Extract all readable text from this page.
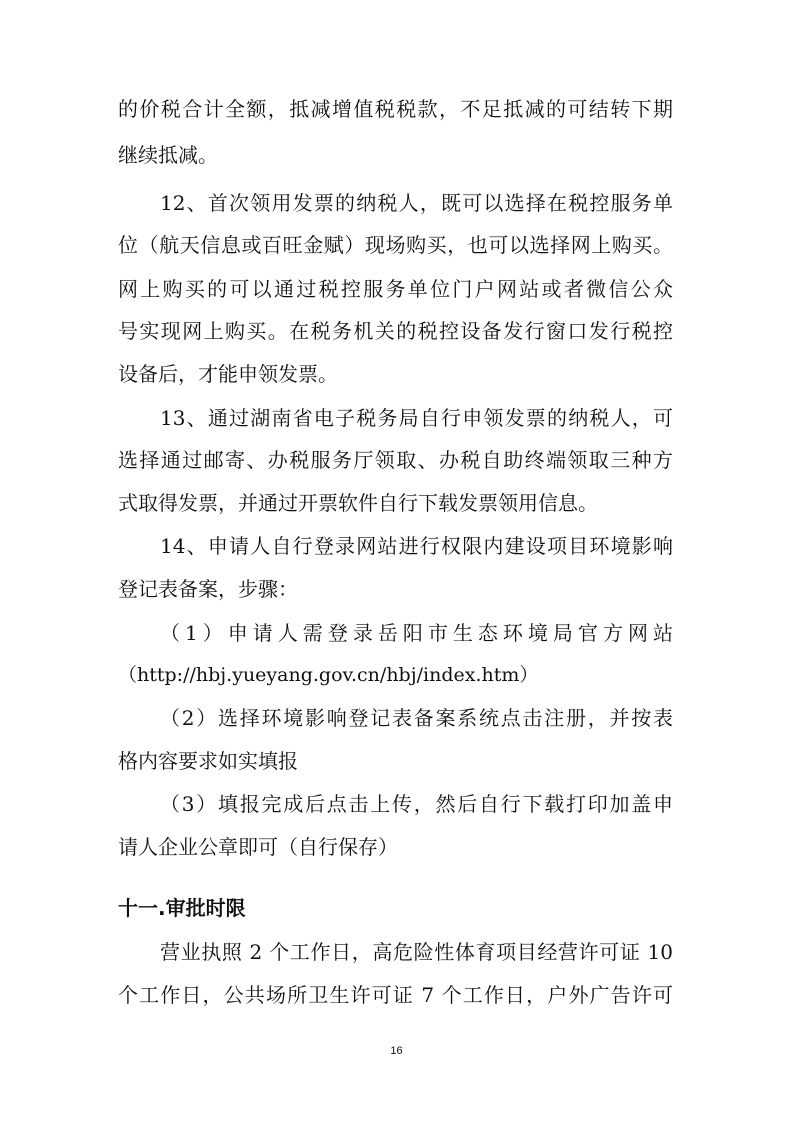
的价税合计全额，抵减增值税税款，不足抵减的可结转下期
继续抵减。
12、首次领用发票的纳税人，既可以选择在税控服务单
位（航天信息或百旺金赋）现场购买，也可以选择网上购买。
网上购买的可以通过税控服务单位门户网站或者微信公众
号实现网上购买。在税务机关的税控设备发行窗口发行税控
设备后，才能申领发票。
13、通过湖南省电子税务局自行申领发票的纳税人，可
选择通过邮寄、办税服务厅领取、办税自助终端领取三种方
式取得发票，并通过开票软件自行下载发票领用信息。
14、申请人自行登录网站进行权限内建设项目环境影响
登记表备案，步骤：
（1）申请人需登录岳阳市生态环境局官方网站
（http://hbj.yueyang.gov.cn/hbj/index.htm）
（2）选择环境影响登记表备案系统点击注册，并按表
格内容要求如实填报
（3）填报完成后点击上传，然后自行下载打印加盖申
请人企业公章即可（自行保存）
十一.审批时限
营业执照 2 个工作日，高危险性体育项目经营许可证 10
个工作日，公共场所卫生许可证 7 个工作日，户外广告许可
16
